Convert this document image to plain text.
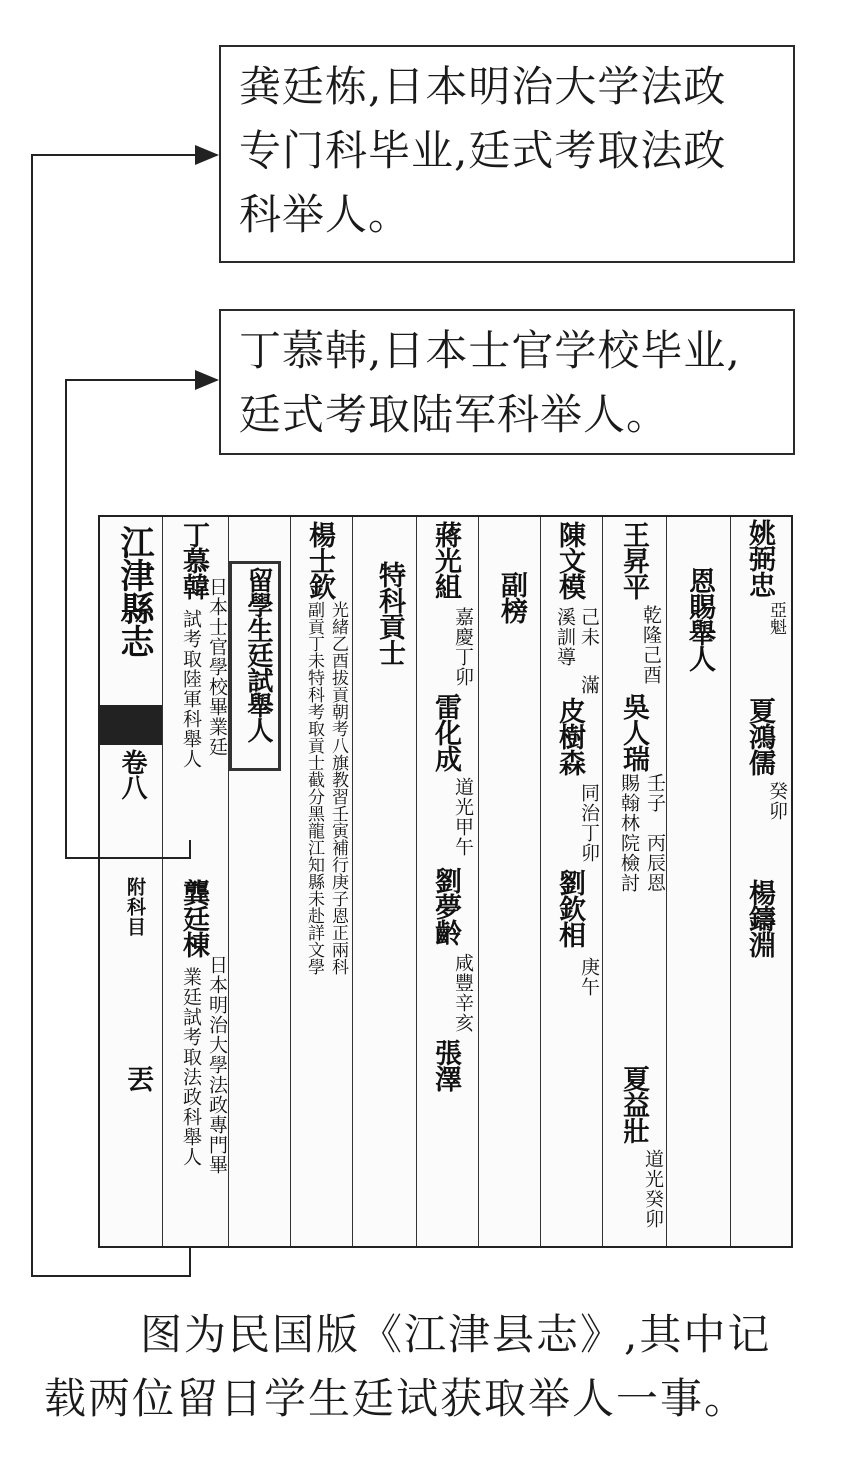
龚廷栋,日本明治大学法政
专门科毕业,廷式考取法政
科举人。
丁慕韩,日本士官学校毕业,
廷式考取陆军科举人。
江津縣志
卷八
附科目
丟
丁慕韓
日本士官學校畢業廷
試考取陸軍科舉人
龔廷棟
日本明治大學法政專門畢
業廷試考取法政科舉人
留學生廷試舉人
楊士欽
光緒乙酉拔貢朝考八旗教習壬寅補行庚子恩正兩科
副貢丁未特科考取貢士截分黑龍江知縣未赴詳文學 特科貢士
蔣光組
嘉慶丁卯
雷化成
道光甲午
劉夢齡
咸豐辛亥
張澤
副榜 陳文模
己未
溪訓導
滿
皮樹森
同治丁卯
劉欽相
庚午
王昇平
乾隆己酉
吳人瑞
壬子
賜翰林院檢討 丙辰恩
夏益壯
道光癸卯
恩賜舉人
姚弼忠
亞魁
夏鴻儒
癸卯
楊鑄淵
图为民国版《江津县志》,其中记
载两位留日学生廷试获取举人一事。
